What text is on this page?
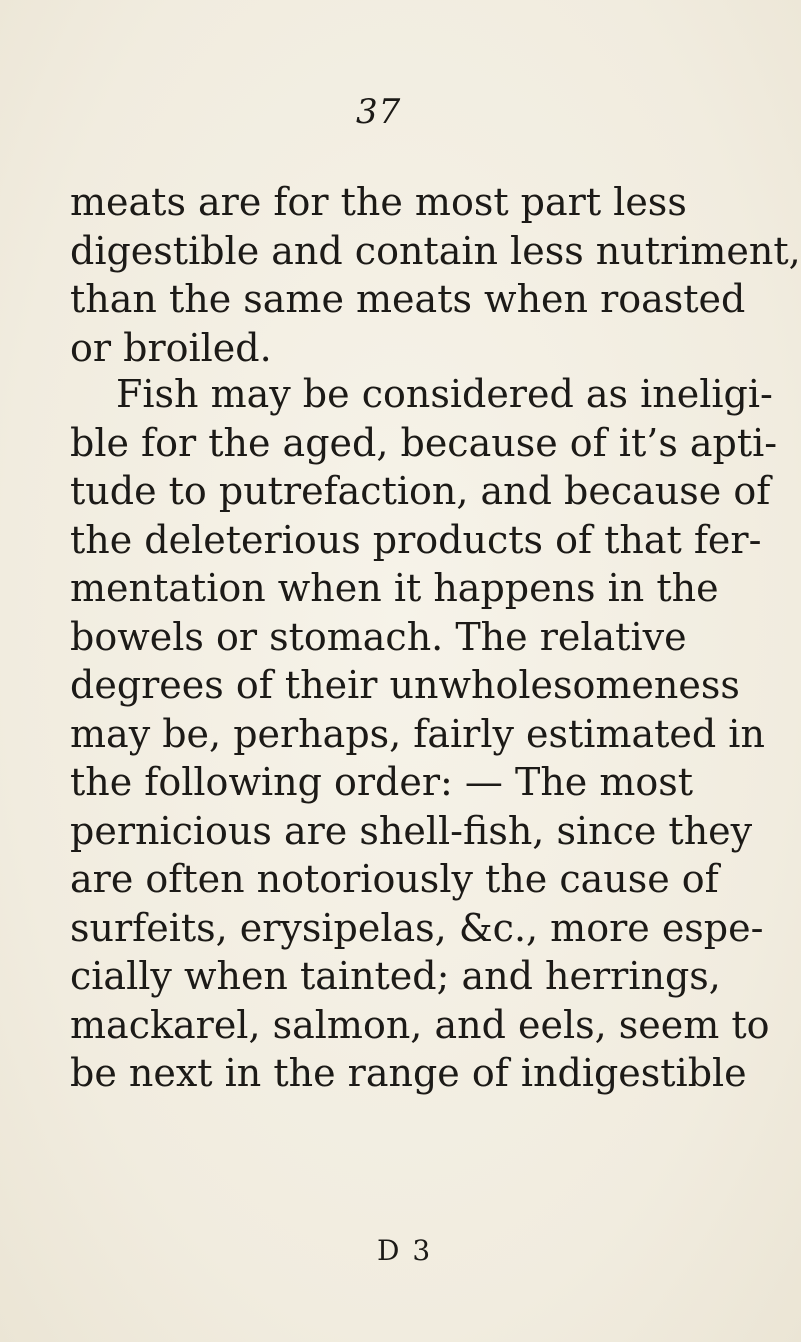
37

meats are for the most part less
digestible and contain less nutriment,
than the same meats when roasted
or broiled.

Fish may be considered as ineligi-
ble for the aged, because of it’s apti-
tude to putrefaction, and because of
the deleterious products of that fer-
mentation when it happens in the
bowels or stomach. The relative
degrees of their unwholesomeness
may be, perhaps, fairly estimated in
the following order: — The most
pernicious are shell-fish, since they
are often notoriously the cause of
surfeits, erysipelas, &c., more espe-
cially when tainted; and herrings,
mackarel, salmon, and eels, seem to
be next in the range of indigestible

D 3
